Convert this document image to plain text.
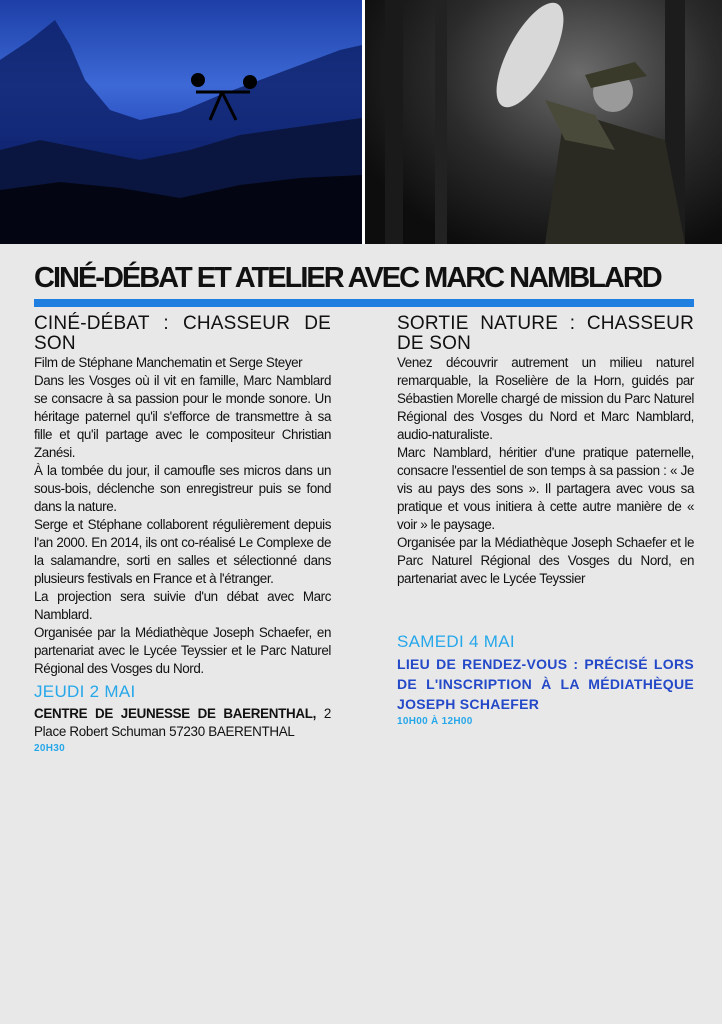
CINÉ-DÉBAT ET ATELIER AVEC MARC NAMBLARD
CINÉ-DÉBAT : CHASSEUR DE SON

Film de Stéphane Manchematin et Serge Steyer

Dans les Vosges où il vit en famille, Marc Namblard se consacre à sa passion pour le monde sonore. Un héritage paternel qu'il s'efforce de transmettre à sa fille et qu'il partage avec le compositeur Christian Zanési.

À la tombée du jour, il camoufle ses micros dans un sous-bois, déclenche son enregistreur puis se fond dans la nature.

Serge et Stéphane collaborent régulièrement depuis l'an 2000. En 2014, ils ont co-réalisé Le Complexe de la salamandre, sorti en salles et sélectionné dans plusieurs festivals en France et à l'étranger.

La projection sera suivie d'un débat avec Marc Namblard.

Organisée par la Médiathèque Joseph Schaefer, en partenariat avec le Lycée Teyssier et le Parc Naturel Régional des Vosges du Nord.

JEUDI 2 MAI
CENTRE DE JEUNESSE DE BAERENTHAL, 2 Place Robert Schuman 57230 BAERENTHAL
20H30
SORTIE NATURE : CHASSEUR DE SON

Venez découvrir autrement un milieu naturel remarquable, la Roselière de la Horn, guidés par Sébastien Morelle chargé de mission du Parc Naturel Régional des Vosges du Nord et Marc Namblard, audio-naturaliste.

Marc Namblard, héritier d'une pratique paternelle, consacre l'essentiel de son temps à sa passion : « Je vis au pays des sons ». Il partagera avec vous sa pratique et vous initiera à cette autre manière de « voir » le paysage.

Organisée par la Médiathèque Joseph Schaefer et le Parc Naturel Régional des Vosges du Nord, en partenariat avec le Lycée Teyssier

SAMEDI 4 MAI
LIEU DE RENDEZ-VOUS : PRÉCISÉ LORS DE L'INSCRIPTION À LA MÉDIATHÈQUE JOSEPH SCHAEFER
10H00 À 12H00
